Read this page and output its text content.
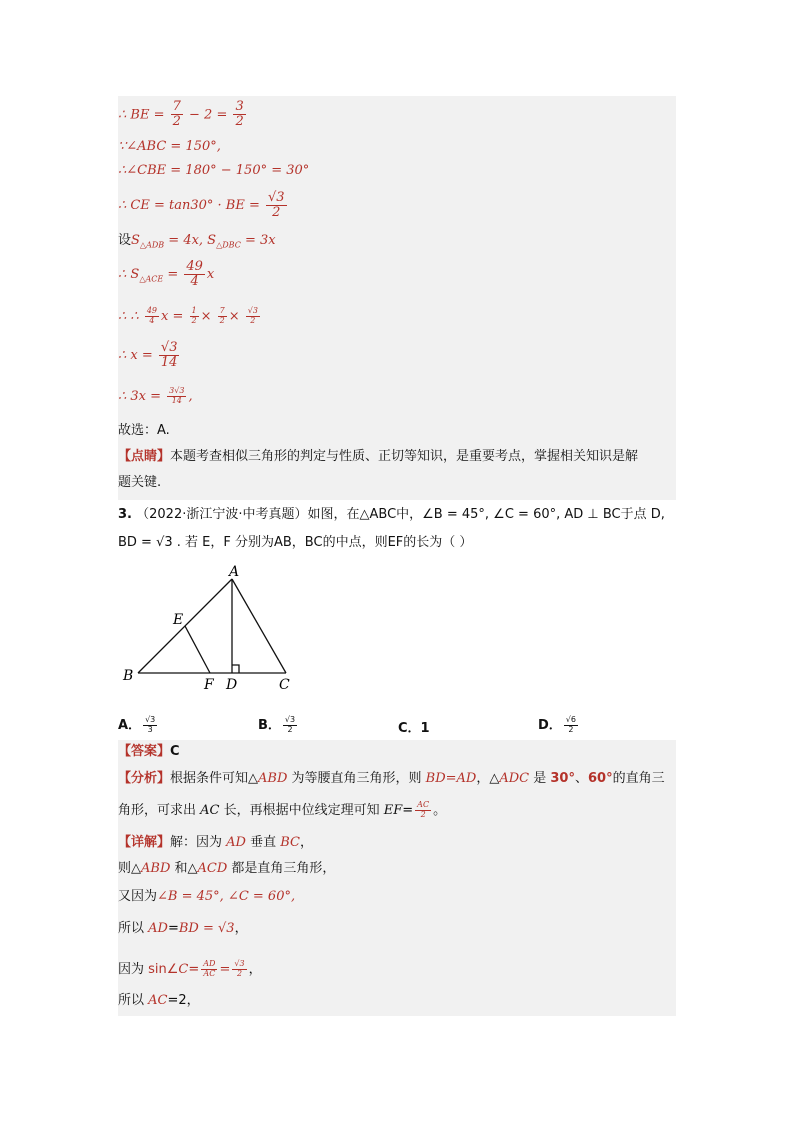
∴ BE = $\frac{7}{2} - 2 = \frac{3}{2}$
∵∠ABC = 150°,
∴∠CBE = 180° − 150° = 30°
∴ CE = tan30° · BE = $\frac{√3}{2}$
设$S_{\triangle ADB} = 4x$, $S_{\triangle DBC} = 3x$
∴ $S_{\triangle ACE} = \frac{49}{4}$ x
∴ ∴ $\frac{49}{4}$ $x = \frac{1}{2} \times \frac{7}{2} \times \frac{√3}{2}$
∴ $x = \frac{√3}{14}$
∴ $3x = \frac{3√3}{14}$ ,
故选：A.
【点睛】本题考查相似三角形的判定与性质、正切等知识，是重要考点，掌握相关知识是解
题关键.
3. （2022·浙江宁波·中考真题）如图，在△ABC中，∠B = 45°, ∠C = 60°, AD ⊥ BC于点 D,
BD = √3 . 若 E，F 分别为AB，BC的中点，则EF的长为（ ）
A
B
C
D
E
F
A． $\frac{√3}{3}$	B． $\frac{√3}{2}$	C．1	D． $\frac{√6}{2}$
【答案】C
【分析】根据条件可知△ABD 为等腰直角三角形，则 BD=AD，△ADC 是 30°、60°的直角三
角形，可求出 AC 长，再根据中位线定理可知 $EF= \frac{AC}{2}$ 。
【详解】解：因为 AD 垂直 BC，
则△ABD 和△ACD 都是直角三角形，
又因为∠B = 45°, ∠C = 60°,
所以 AD=BD = √3，
因为 sin∠C= $\frac{AD}{AC} = \frac{√3}{2}$ ，
所以 AC=2，
